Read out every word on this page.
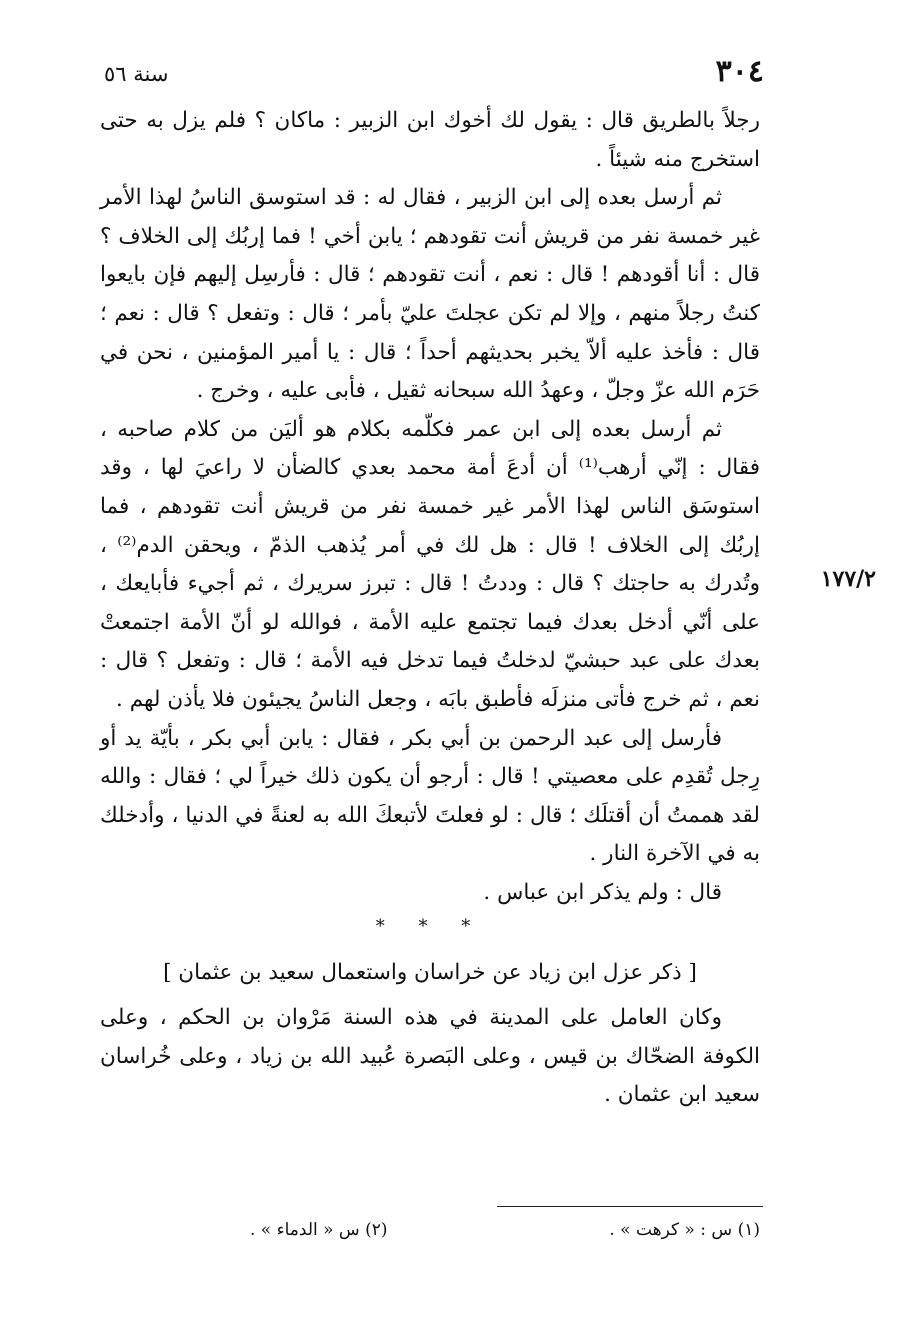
٣٠٤
سنة ٥٦
١٧٧/٢

رجلاً بالطريق قال : يقول لك أخوك ابن الزبير : ماكان ؟ فلم يزل به حتى استخرج منه شيئاً .

ثم أرسل بعده إلى ابن الزبير ، فقال له : قد استوسق الناسُ لهذا الأمر غير خمسة نفر من قريش أنت تقودهم ؛ يابن أخي ! فما إربُك إلى الخلاف ؟ قال : أنا أقودهم ! قال : نعم ، أنت تقودهم ؛ قال : فأرسِل إليهم فإن بايعوا كنتُ رجلاً منهم ، وإلا لم تكن عجلتَ عليّ بأمر ؛ قال : وتفعل ؟ قال : نعم ؛ قال : فأخذ عليه ألاّ يخبر بحديثهم أحداً ؛ قال : يا أمير المؤمنين ، نحن في حَرَم الله عزّ وجلّ ، وعهدُ الله سبحانه ثقيل ، فأبى عليه ، وخرج .

ثم أرسل بعده إلى ابن عمر فكلّمه بكلام هو أليَن من كلام صاحبه ، فقال : إنّي أرهب⁽¹⁾ أن أدعَ أمة محمد بعدي كالضأن لا راعيَ لها ، وقد استوسَق الناس لهذا الأمر غير خمسة نفر من قريش أنت تقودهم ، فما إربُك إلى الخلاف ! قال : هل لك في أمر يُذهب الذمّ ، ويحقن الدم⁽²⁾ ، وتُدرك به حاجتك ؟ قال : وددتُ ! قال : تبرز سريرك ، ثم أجيء فأبايعك ، على أنّي أدخل بعدك فيما تجتمع عليه الأمة ، فوالله لو أنّ الأمة اجتمعتْ بعدك على عبد حبشيّ لدخلتُ فيما تدخل فيه الأمة ؛ قال : وتفعل ؟ قال : نعم ، ثم خرج فأتى منزلَه فأطبق بابَه ، وجعل الناسُ يجيئون فلا يأذن لهم .

فأرسل إلى عبد الرحمن بن أبي بكر ، فقال : يابن أبي بكر ، بأيّة يد أو رِجل تُقدِم على معصيتي ! قال : أرجو أن يكون ذلك خيراً لي ؛ فقال : والله لقد هممتُ أن أقتلَك ؛ قال : لو فعلتَ لأتبعكَ الله به لعنةً في الدنيا ، وأدخلك به في الآخرة النار .

قال : ولم يذكر ابن عباس .

* * *

[ ذكر عزل ابن زياد عن خراسان واستعمال سعيد بن عثمان ]

وكان العامل على المدينة في هذه السنة مَرْوان بن الحكم ، وعلى الكوفة الضحّاك بن قيس ، وعلى البَصرة عُبيد الله بن زياد ، وعلى خُراسان سعيد ابن عثمان .

(١) س : « كرهت » .
(٢) س « الدماء » .
